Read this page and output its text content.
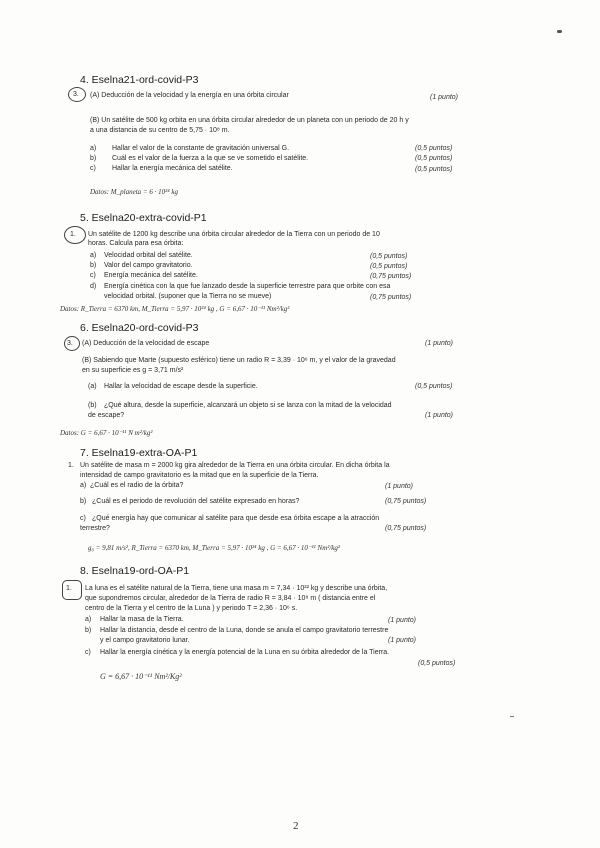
4. Eselna21-ord-covid-P3
3. (A) Deducción de la velocidad y la energía en una órbita circular	(1 punto)
(B) Un satélite de 500 kg orbita en una órbita circular alrededor de un planeta con un periodo de 20 h y
a una distancia de su centro de 5,75 · 10⁸ m.
a) Hallar el valor de la constante de gravitación universal G.	(0,5 puntos)
b) Cuál es el valor de la fuerza a la que se ve sometido el satélite.	(0,5 puntos)
c) Hallar la energía mecánica del satélite.	(0,5 puntos)
Datos: M_planeta = 6 · 10²⁴ kg
5. Eselna20-extra-covid-P1
1. Un satélite de 1200 kg describe una órbita circular alrededor de la Tierra con un periodo de 10
horas. Calcula para esa órbita:
a) Velocidad orbital del satélite.	(0,5 puntos)
b) Valor del campo gravitatorio.	(0,5 puntos)
c) Energía mecánica del satélite.	(0,75 puntos)
d) Energía cinética con la que fue lanzado desde la superficie terrestre para que orbite con esa
velocidad orbital. (suponer que la Tierra no se mueve)	(0,75 puntos)
Datos: R_Tierra = 6370 km, M_Tierra = 5,97 · 10²⁴ kg , G = 6,67 · 10⁻¹¹ Nm²/kg²
6. Eselna20-ord-covid-P3
3. (A) Deducción de la velocidad de escape	(1 punto)
(B) Sabiendo que Marte (supuesto esférico) tiene un radio R = 3,39 · 10⁶ m, y el valor de la gravedad
en su superficie es g = 3,71 m/s²
(a) Hallar la velocidad de escape desde la superficie.	(0,5 puntos)
(b) ¿Qué altura, desde la superficie, alcanzará un objeto si se lanza con la mitad de la velocidad
de escape?	(1 punto)
Datos: G = 6,67 · 10⁻¹¹ N m²/kg²
7. Eselna19-extra-OA-P1
1. Un satélite de masa m = 2000 kg gira alrededor de la Tierra en una órbita circular. En dicha órbita la
intensidad de campo gravitatorio es la mitad que en la superficie de la Tierra.
a) ¿Cuál es el radio de la órbita?	(1 punto)
b) ¿Cuál es el periodo de revolución del satélite expresado en horas?	(0,75 puntos)
c) ¿Qué energía hay que comunicar al satélite para que desde esa órbita escape a la atracción
terrestre?	(0,75 puntos)
g₀ = 9,81 m/s², R_Tierra = 6370 km, M_Tierra = 5,97 · 10²⁴ kg , G = 6,67 · 10⁻¹¹ Nm²/kg²
8. Eselna19-ord-OA-P1
1. La luna es el satélite natural de la Tierra, tiene una masa m = 7,34 · 10²² kg y describe una órbita,
que supondremos circular, alrededor de la Tierra de radio R = 3,84 · 10⁸ m ( distancia entre el
centro de la Tierra y el centro de la Luna ) y periodo T = 2,36 · 10⁶ s.
a) Hallar la masa de la Tierra.	(1 punto)
b) Hallar la distancia, desde el centro de la Luna, donde se anula el campo gravitatorio terrestre
y el campo gravitatorio lunar.	(1 punto)
c) Hallar la energía cinética y la energía potencial de la Luna en su órbita alrededor de la Tierra.
(0,5 puntos)
G = 6,67 · 10⁻¹¹ Nm²/Kg²
2
